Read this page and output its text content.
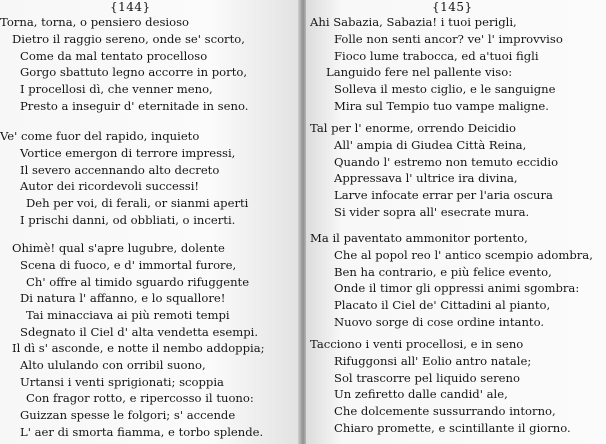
{144}

Torna, torna, o pensiero desioso
Dietro il raggio sereno, onde se' scorto,
Come da mal tentato procelloso
Gorgo sbattuto legno accorre in porto,
I procellosi dì, che venner meno,
Presto a inseguir d' eternitade in seno.
Ve' come fuor del rapido, inquieto
Vortice emergon di terrore impressi,
Il severo accennando alto decreto
Autor dei ricordevoli successi!
Deh per voi, di ferali, or sianmi aperti
I prischi danni, od obbliati, o incerti.
Ohimè! qual s'apre lugubre, dolente
Scena di fuoco, e d' immortal furore,
Ch' offre al timido sguardo rifuggente
Di natura l' affanno, e lo squallore!
Tai minacciava ai più remoti tempi
Sdegnato il Ciel d' alta vendetta esempi.
Il dì s' asconde, e notte il nembo addoppia;
Alto ululando con orribil suono,
Urtansi i venti sprigionati; scoppia
Con fragor rotto, e ripercosso il tuono:
Guizzan spesse le folgori; s' accende
L' aer di smorta fiamma, e torbo splende.

{145}

Ahi Sabazia, Sabazia! i tuoi perigli,
Folle non senti ancor? ve' l' improvviso
Fioco lume traboccа, ed a'tuoi figli
Languido fere nel pallente viso:
Solleva il mesto ciglio, e le sanguigne
Mira sul Tempio tuo vampe maligne.
Tal per l' enorme, orrendo Deicidio
All' ampia di Giudea Città Reina,
Quando l' estremo non temuto eccidio
Appressava l' ultrice ira divina,
Larve infocate errar per l'aria oscura
Si vider sopra all' esecrate mura.
Ma il paventato ammonitor portento,
Che al popol reo l' antico scempio adombra,
Ben ha contrario, e più felice evento,
Onde il timor gli oppressi animi sgombra:
Placato il Ciel de' Cittadini al pianto,
Nuovo sorge di cose ordine intanto.
Tacciono i venti procellosi, e in seno
Rifuggonsi all' Eolio antro natale;
Sol trascorre pel liquido sereno
Un zefiretto dalle candid' ale,
Che dolcemente sussurrando intorno,
Chiaro promette, e scintillante il giorno.
